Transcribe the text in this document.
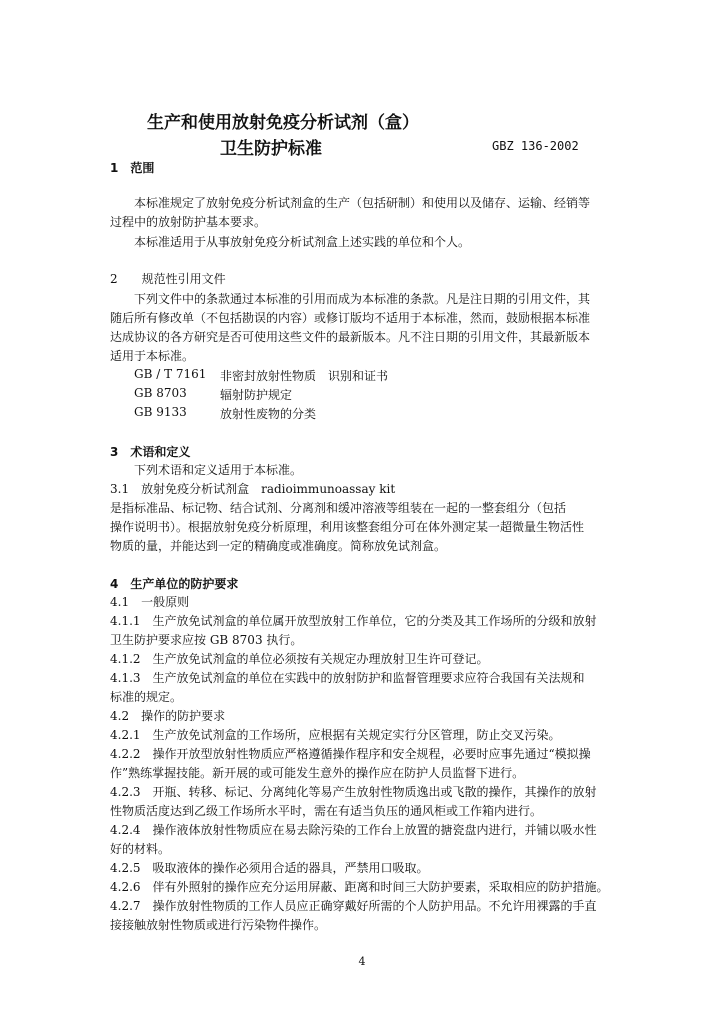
生产和使用放射免疫分析试剂（盒）
卫生防护标准	GBZ 136-2002
1　范围
本标准规定了放射免疫分析试剂盒的生产（包括研制）和使用以及储存、运输、经销等
过程中的放射防护基本要求。
本标准适用于从事放射免疫分析试剂盒上述实践的单位和个人。
2　　规范性引用文件
下列文件中的条款通过本标准的引用而成为本标准的条款。凡是注日期的引用文件，其
随后所有修改单（不包括勘误的内容）或修订版均不适用于本标准，然而，鼓励根据本标准
达成协议的各方研究是否可使用这些文件的最新版本。凡不注日期的引用文件，其最新版本
适用于本标准。
GB / T 7161 非密封放射性物质　识别和证书
GB 8703	辐射防护规定
GB 9133	放射性废物的分类
3　术语和定义
下列术语和定义适用于本标准。
3.1　放射免疫分析试剂盒　radioimmunoassay kit
是指标准品、标记物、结合试剂、分离剂和缓冲溶液等组装在一起的一整套组分（包括
操作说明书）。根据放射免疫分析原理，利用该整套组分可在体外测定某一超微量生物活性
物质的量，并能达到一定的精确度或准确度。简称放免试剂盒。
4　生产单位的防护要求
4.1　一般原则
4.1.1　生产放免试剂盒的单位属开放型放射工作单位，它的分类及其工作场所的分级和放射
卫生防护要求应按 GB 8703 执行。
4.1.2　生产放免试剂盒的单位必须按有关规定办理放射卫生许可登记。
4.1.3　生产放免试剂盒的单位在实践中的放射防护和监督管理要求应符合我国有关法规和
标准的规定。
4.2　操作的防护要求
4.2.1　生产放免试剂盒的工作场所，应根据有关规定实行分区管理，防止交叉污染。
4.2.2　操作开放型放射性物质应严格遵循操作程序和安全规程，必要时应事先通过“模拟操
作”熟练掌握技能。新开展的或可能发生意外的操作应在防护人员监督下进行。
4.2.3　开瓶、转移、标记、分离纯化等易产生放射性物质逸出或飞散的操作，其操作的放射
性物质活度达到乙级工作场所水平时，需在有适当负压的通风柜或工作箱内进行。
4.2.4　操作液体放射性物质应在易去除污染的工作台上放置的搪瓷盘内进行，并铺以吸水性
好的材料。
4.2.5　吸取液体的操作必须用合适的器具，严禁用口吸取。
4.2.6　伴有外照射的操作应充分运用屏蔽、距离和时间三大防护要素，采取相应的防护措施。
4.2.7　操作放射性物质的工作人员应正确穿戴好所需的个人防护用品。不允许用裸露的手直
接接触放射性物质或进行污染物件操作。
4
